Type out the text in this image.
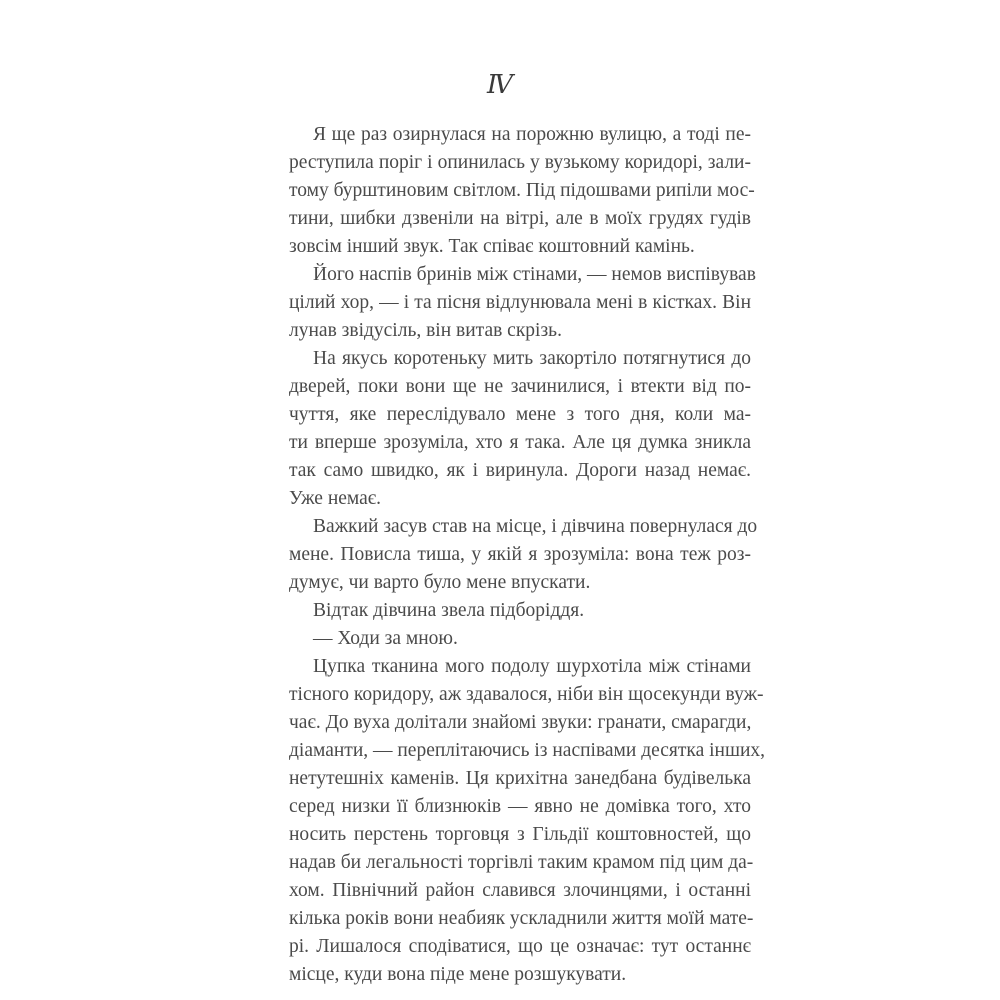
Ⅳ
Я ще раз озирнулася на порожню вулицю, а тоді пе-
реступила поріг і опинилась у вузькому коридорі, зали-
тому бурштиновим світлом. Під підошвами рипіли мос-
тини, шибки дзвеніли на вітрі, але в моїх грудях гудів
зовсім інший звук. Так співає коштовний камінь.
Його наспів бринів між стінами, — немов виспівував
цілий хор, — і та пісня відлунювала мені в кістках. Він
лунав звідусіль, він витав скрізь.
На якусь коротеньку мить закортіло потягнутися до
дверей, поки вони ще не зачинилися, і втекти від по-
чуття, яке переслідувало мене з того дня, коли ма-
ти вперше зрозуміла, хто я така. Але ця думка зникла
так само швидко, як і виринула. Дороги назад немає.
Уже немає.
Важкий засув став на місце, і дівчина повернулася до
мене. Повисла тиша, у якій я зрозуміла: вона теж роз-
думує, чи варто було мене впускати.
Відтак дівчина звела підборіддя.
— Ходи за мною.
Цупка тканина мого подолу шурхотіла між стінами
тісного коридору, аж здавалося, ніби він щосекунди вуж-
чає. До вуха долітали знайомі звуки: гранати, смарагди,
діаманти, — переплітаючись із наспівами десятка інших,
нетутешніх каменів. Ця крихітна занедбана будівелька
серед низки її близнюків — явно не домівка того, хто
носить перстень торговця з Гільдії коштовностей, що
надав би легальності торгівлі таким крамом під цим да-
хом. Північний район славився злочинцями, і останні
кілька років вони неабияк ускладнили життя моїй мате-
рі. Лишалося сподіватися, що це означає: тут останнє
місце, куди вона піде мене розшукувати.
